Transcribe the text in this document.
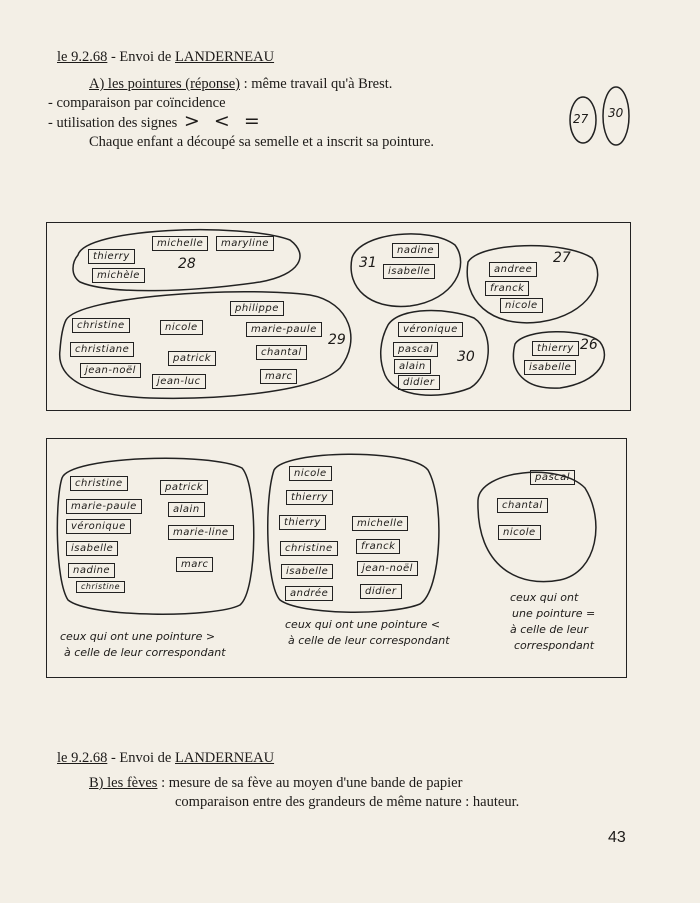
le 9.2.68 - Envoi de LANDERNEAU
A) les pointures (réponse) : même travail qu'à Brest.
- comparaison par coïncidence
- utilisation des signes > < =
Chaque enfant a découpé sa semelle et a inscrit sa pointure.
27 30
thierry
michelle	maryline
michèle
28
nadine
isabelle
31	andree
franck
nicole
27
christine
christiane
jean-noël
nicole
patrick
jean-luc
philippe
marie-paule
chantal
marc
29
véronique
pascal
alain
didier
30
thierry
isabelle
26
christine
marie-paule
véronique
isabelle
nadine
christine
patrick
alain
marie-line
marc
nicole
thierry
thierry
christine
isabelle
andrée
michelle
franck
jean-noël
didier
pascal
chantal
nicole
ceux qui ont une pointure >
à celle de leur correspondant
ceux qui ont une pointure <
à celle de leur correspondant
ceux qui ont
une pointure =
à celle de leur
correspondant
le 9.2.68 - Envoi de LANDERNEAU
B) les fèves : mesure de sa fève au moyen d'une bande de papier
comparaison entre des grandeurs de même nature : hauteur.
43
